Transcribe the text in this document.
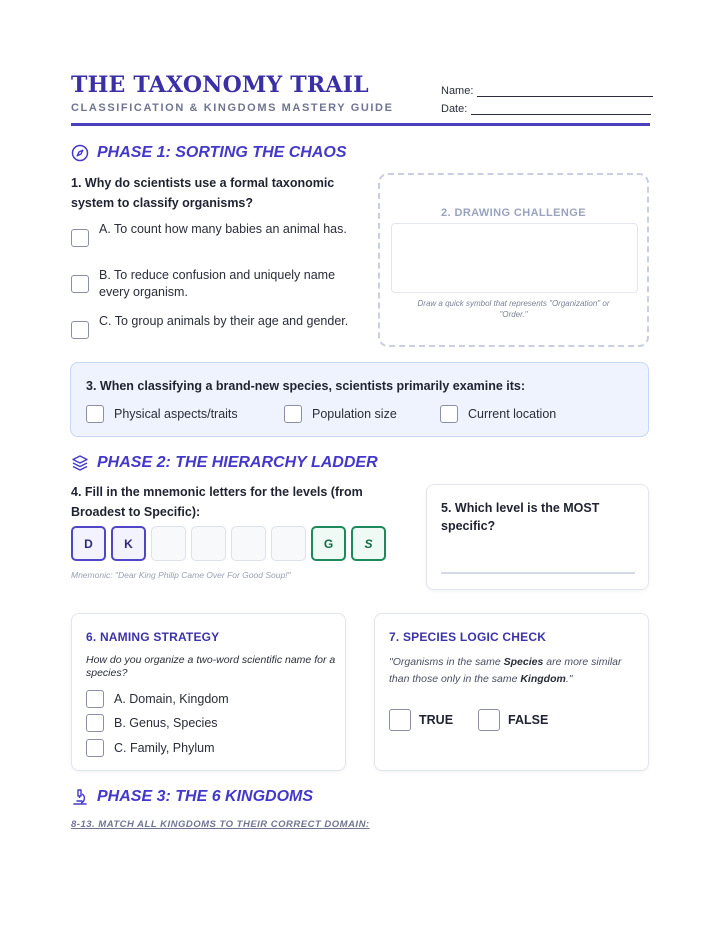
THE TAXONOMY TRAIL
CLASSIFICATION & KINGDOMS MASTERY GUIDE
Name:
Date:
PHASE 1: SORTING THE CHAOS
1. Why do scientists use a formal taxonomic system to classify organisms?
A. To count how many babies an animal has.
B. To reduce confusion and uniquely name every organism.
C. To group animals by their age and gender.
2. DRAWING CHALLENGE
Draw a quick symbol that represents "Organization" or "Order."
3. When classifying a brand-new species, scientists primarily examine its:
Physical aspects/traits	Population size	Current location
PHASE 2: THE HIERARCHY LADDER
4. Fill in the mnemonic letters for the levels (from Broadest to Specific):
D	K	G	S
Mnemonic: "Dear King Philip Came Over For Good Soup!"
5. Which level is the MOST specific?
6. NAMING STRATEGY
How do you organize a two-word scientific name for a species?
A. Domain, Kingdom
B. Genus, Species
C. Family, Phylum
7. SPECIES LOGIC CHECK
"Organisms in the same Species are more similar than those only in the same Kingdom."
TRUE	FALSE
PHASE 3: THE 6 KINGDOMS
8-13. MATCH ALL KINGDOMS TO THEIR CORRECT DOMAIN:
